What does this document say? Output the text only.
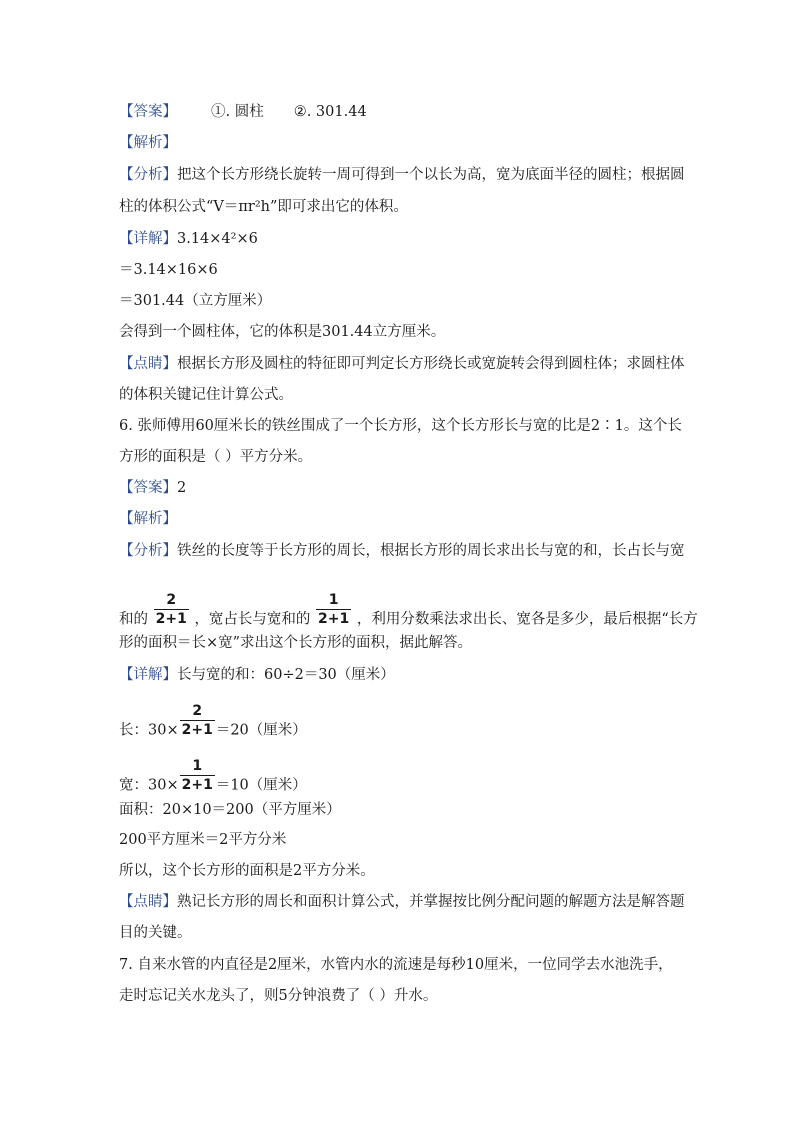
【答案】 ①. 圆柱 ②. 301.44
【解析】
【分析】把这个长方形绕长旋转一周可得到一个以长为高，宽为底面半径的圆柱；根据圆
柱的体积公式“V＝πr²h”即可求出它的体积。
【详解】3.14×4²×6
＝3.14×16×6
＝301.44（立方厘米）
会得到一个圆柱体，它的体积是301.44立方厘米。
【点睛】根据长方形及圆柱的特征即可判定长方形绕长或宽旋转会得到圆柱体；求圆柱体
的体积关键记住计算公式。
6. 张师傅用60厘米长的铁丝围成了一个长方形，这个长方形长与宽的比是2∶1。这个长
方形的面积是（ ）平方分米。
【答案】2
【解析】
【分析】铁丝的长度等于长方形的周长，根据长方形的周长求出长与宽的和，长占长与宽
和的 $\frac{2}{2+1}$ ，宽占长与宽和的 $\frac{1}{2+1}$ ，利用分数乘法求出长、宽各是多少，最后根据“长方
形的面积＝长×宽”求出这个长方形的面积，据此解答。
【详解】长与宽的和：60÷2＝30（厘米）
长：$30\times \frac{2}{2+1} =20$（厘米）
宽：$30\times \frac{1}{2+1} =10$（厘米）
面积：20×10＝200（平方厘米）
200平方厘米＝2平方分米
所以，这个长方形的面积是2平方分米。
【点睛】熟记长方形的周长和面积计算公式，并掌握按比例分配问题的解题方法是解答题
目的关键。
7. 自来水管的内直径是2厘米，水管内水的流速是每秒10厘米，一位同学去水池洗手，
走时忘记关水龙头了，则5分钟浪费了（ ）升水。
